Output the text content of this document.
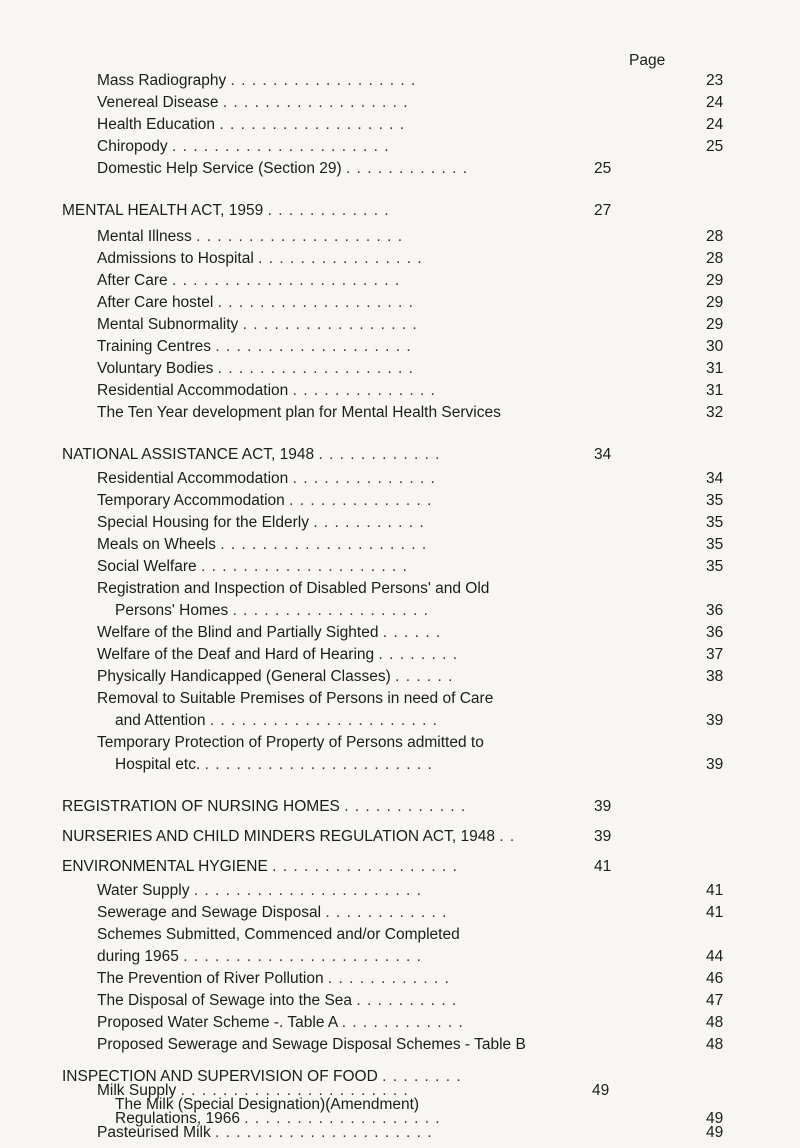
Page
Mass Radiography . . . . . . . . . . . . . . . . . .	23
Venereal Disease . . . . . . . . . . . . . . . . . .	24
Health Education . . . . . . . . . . . . . . . . . .	24
Chiropody . . . . . . . . . . . . . . . . . . . . .	25
Domestic Help Service (Section 29) . . . . . . . . . . . .	25
MENTAL HEALTH ACT, 1959 . . . . . . . . . . . .	27
Mental Illness . . . . . . . . . . . . . . . . . . . .	28
Admissions to Hospital . . . . . . . . . . . . . . . .	28
After Care . . . . . . . . . . . . . . . . . . . . . .	29
After Care hostel . . . . . . . . . . . . . . . . . . .	29
Mental Subnormality . . . . . . . . . . . . . . . . .	29
Training Centres . . . . . . . . . . . . . . . . . . .	30
Voluntary Bodies . . . . . . . . . . . . . . . . . . .	31
Residential Accommodation . . . . . . . . . . . . . .	31
The Ten Year development plan for Mental Health Services	32
NATIONAL ASSISTANCE ACT, 1948 . . . . . . . . . . . .	34
Residential Accommodation . . . . . . . . . . . . . .	34
Temporary Accommodation . . . . . . . . . . . . . .	35
Special Housing for the Elderly . . . . . . . . . . .	35
Meals on Wheels . . . . . . . . . . . . . . . . . . . .	35
Social Welfare . . . . . . . . . . . . . . . . . . . .	35
Registration and Inspection of Disabled Persons' and Old
Persons' Homes . . . . . . . . . . . . . . . . . . .	36
Welfare of the Blind and Partially Sighted . . . . . .	36
Welfare of the Deaf and Hard of Hearing . . . . . . . .	37
Physically Handicapped (General Classes) . . . . . .	38
Removal to Suitable Premises of Persons in need of Care
and Attention . . . . . . . . . . . . . . . . . . . . . .	39
Temporary Protection of Property of Persons admitted to
Hospital etc. . . . . . . . . . . . . . . . . . . . . . .	39
REGISTRATION OF NURSING HOMES . . . . . . . . . . . .	39
NURSERIES AND CHILD MINDERS REGULATION ACT, 1948 . .	39
ENVIRONMENTAL HYGIENE . . . . . . . . . . . . . . . . . .	41
Water Supply . . . . . . . . . . . . . . . . . . . . . .	41
Sewerage and Sewage Disposal . . . . . . . . . . . .	41
Schemes Submitted, Commenced and/or Completed
during 1965 . . . . . . . . . . . . . . . . . . . . . . .	44
The Prevention of River Pollution . . . . . . . . . . . .	46
The Disposal of Sewage into the Sea . . . . . . . . . .	47
Proposed Water Scheme -. Table A . . . . . . . . . . . .	48
Proposed Sewerage and Sewage Disposal Schemes - Table B	48
INSPECTION AND SUPERVISION OF FOOD . . . . . . . .
Milk Supply . . . . . . . . . . . . . . . . . . . . . .	49
The Milk (Special Designation)(Amendment)
Regulations, 1966 . . . . . . . . . . . . . . . . . . .	49
Pasteurised Milk . . . . . . . . . . . . . . . . . . . . .	49
